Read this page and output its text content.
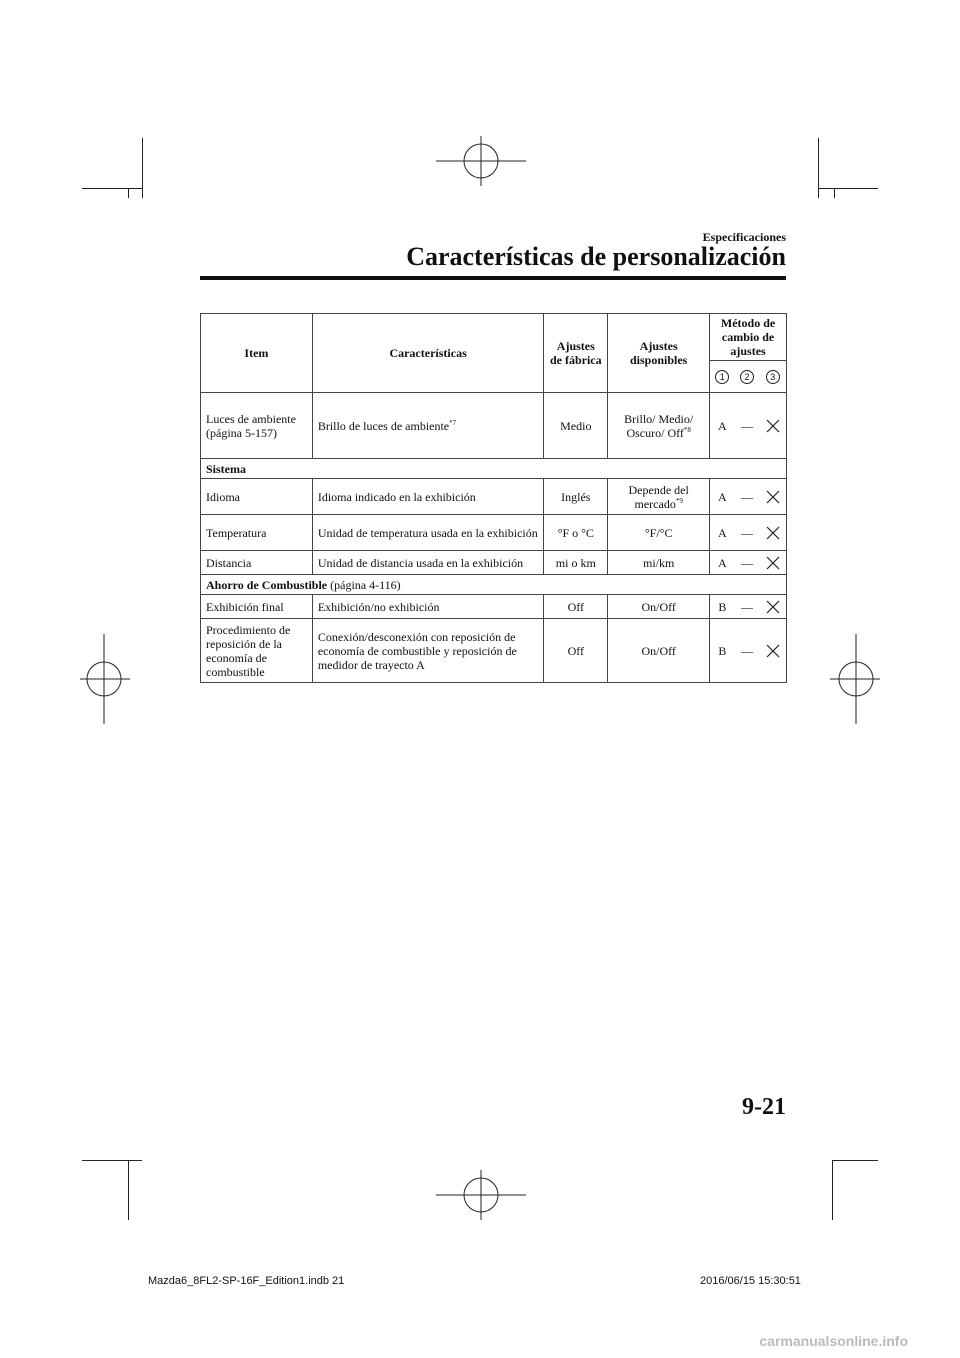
Especificaciones
Características de personalización
Item	Características	Ajustes de fábrica	Ajustes disponibles	Método de cambio de ajustes		
				1	2	3
Luces de ambiente (página 5-157)	Brillo de luces de ambiente$^{*7}$	Medio	Brillo/ Medio/ Oscuro/ Off$^{*8}$	A	—	
Sistema						
Idioma	Idioma indicado en la exhibición	Inglés	Depende del mercado$^{*9}$	A	—	
Temperatura	Unidad de temperatura usada en la exhibición	°F o °C	°F/°C	A	—	
Distancia	Unidad de distancia usada en la exhibición	mi o km	mi/km	A	—	
Ahorro de Combustible (página 4-116)						
Exhibición final	Exhibición/no exhibición	Off	On/Off	B	—	
Procedimiento de reposición de la economía de combustible	Conexión/desconexión con reposición de economía de combustible y reposición de medidor de trayecto A	Off	On/Off	B	—	
9-21
Mazda6_8FL2-SP-16F_Edition1.indb 21	2016/06/15 15:30:51
carmanualsonline.info
